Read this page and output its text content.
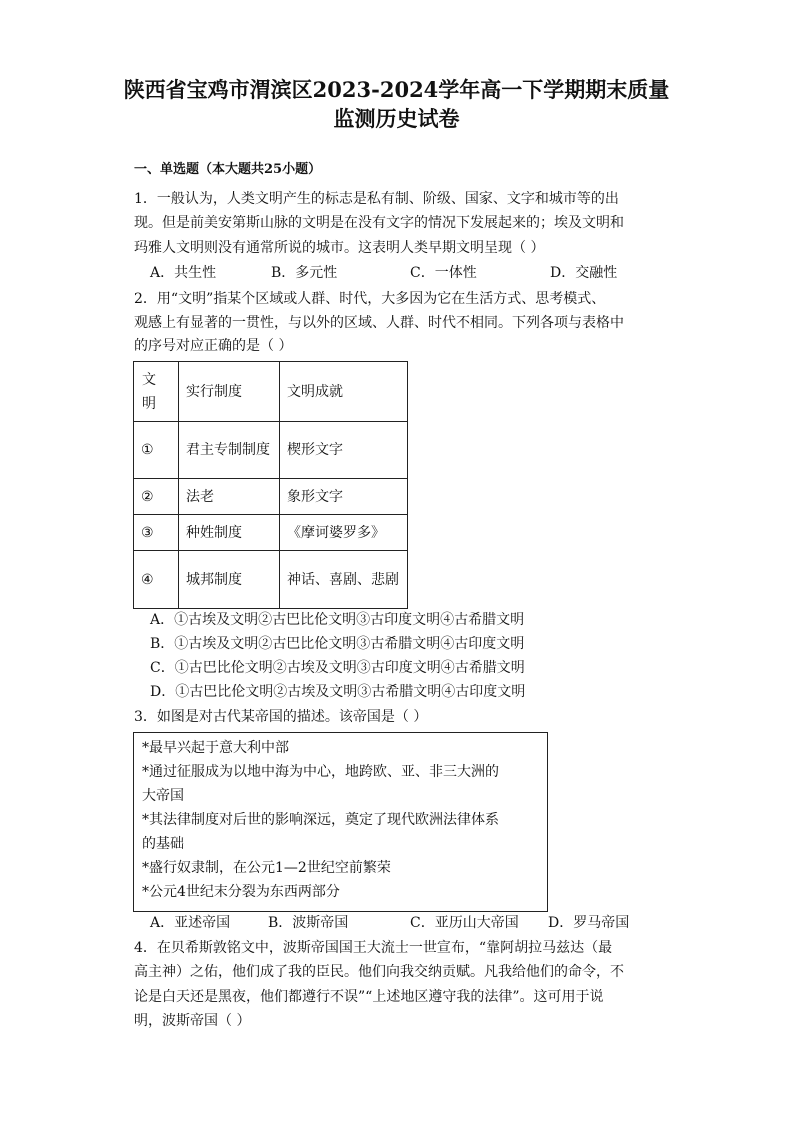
陕西省宝鸡市渭滨区2023-2024学年高一下学期期末质量
监测历史试卷
一、单选题（本大题共25小题）
1．一般认为，人类文明产生的标志是私有制、阶级、国家、文字和城市等的出
现。但是前美安第斯山脉的文明是在没有文字的情况下发展起来的；埃及文明和
玛雅人文明则没有通常所说的城市。这表明人类早期文明呈现（ ）
A．共生性	B．多元性	C．一体性	D．交融性
2．用“文明”指某个区域或人群、时代，大多因为它在生活方式、思考模式、
观感上有显著的一贯性，与以外的区域、人群、时代不相同。下列各项与表格中
的序号对应正确的是（ ）
文明	实行制度	文明成就
①	君主专制制度	楔形文字
②	法老	象形文字
③	种姓制度	《摩诃婆罗多》
④	城邦制度	神话、喜剧、悲剧
A．①古埃及文明②古巴比伦文明③古印度文明④古希腊文明
B．①古埃及文明②古巴比伦文明③古希腊文明④古印度文明
C．①古巴比伦文明②古埃及文明③古印度文明④古希腊文明
D．①古巴比伦文明②古埃及文明③古希腊文明④古印度文明
3．如图是对古代某帝国的描述。该帝国是（ ）
*最早兴起于意大利中部
*通过征服成为以地中海为中心，地跨欧、亚、非三大洲的
大帝国
*其法律制度对后世的影响深远，奠定了现代欧洲法律体系
的基础
*盛行奴隶制，在公元1—2世纪空前繁荣
*公元4世纪末分裂为东西两部分
A．亚述帝国	B．波斯帝国	C．亚历山大帝国 D．罗马帝国
4．在贝希斯敦铭文中，波斯帝国国王大流士一世宣布，“靠阿胡拉马兹达（最
高主神）之佑，他们成了我的臣民。他们向我交纳贡赋。凡我给他们的命令，不
论是白天还是黑夜，他们都遵行不误”“上述地区遵守我的法律”。这可用于说
明，波斯帝国（ ）
